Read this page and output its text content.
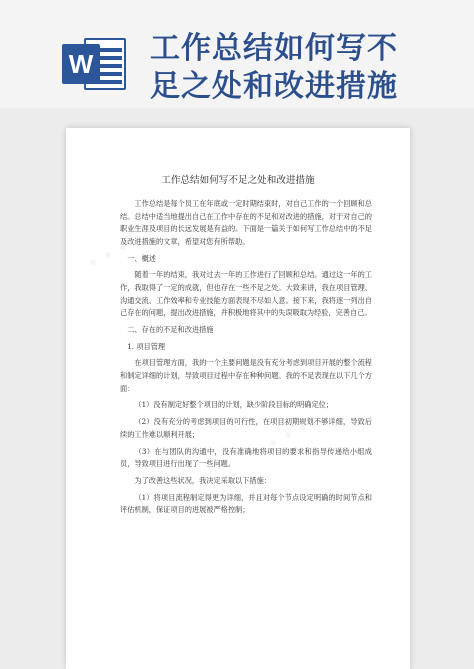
W 工作总结如何写不
足之处和改进措施
工作总结如何写不足之处和改进措施

工作总结是每个员工在年底或一定时期结束时，对自己工作的一个回顾和总结。总结中适当地提出自己在工作中存在的不足和对改进的措施，对于对自己的职业生涯及项目的长远发展是有益的。下面是一篇关于如何写工作总结中的不足及改进措施的文章，希望对您有所帮助。

一、概述

随着一年的结束，我对过去一年的工作进行了回顾和总结。通过这一年的工作，我取得了一定的成就，但也存在一些不足之处。大致来讲，我在项目管理、沟通交流、工作效率和专业技能方面表现不尽如人意。接下来，我将逐一列出自己存在的问题，提出改进措施，并积极地将其中的失误吸取为经验，完善自己。

二、存在的不足和改进措施

1. 项目管理

在项目管理方面，我的一个主要问题是没有充分考虑到项目开展的整个流程和制定详细的计划，导致项目过程中存在种种问题。我的不足表现在以下几个方面：

（1）没有制定好整个项目的计划，缺少阶段目标的明确定位；

（2）没有充分的考虑到项目的可行性，在项目初期规划不够详细，导致后续的工作难以顺利开展；

（3）在与团队的沟通中，没有准确地将项目的要求和指导传递给小组成员，导致项目进行出现了一些问题。

为了改善这些状况，我决定采取以下措施：

（1）将项目流程制定得更为详细，并且对每个节点设定明确的时间节点和评估机制，保证项目的进展被严格控制；
